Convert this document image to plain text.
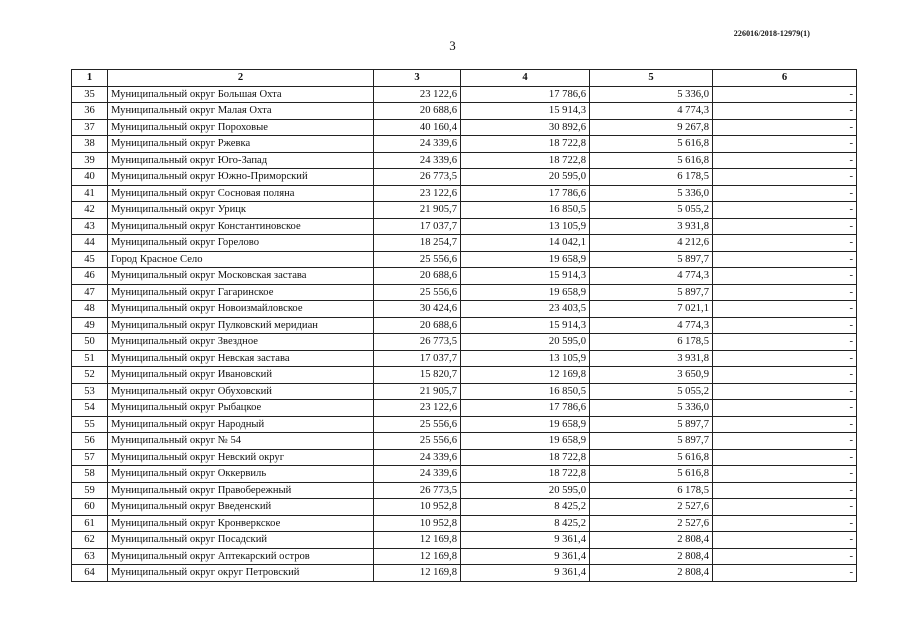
226016/2018-12979(1)
3
1	2	3	4	5	6
35	Муниципальный округ Большая Охта	23 122,6	17 786,6	5 336,0	-
36	Муниципальный округ Малая Охта	20 688,6	15 914,3	4 774,3	-
37	Муниципальный округ Пороховые	40 160,4	30 892,6	9 267,8	-
38	Муниципальный округ Ржевка	24 339,6	18 722,8	5 616,8	-
39	Муниципальный округ Юго-Запад	24 339,6	18 722,8	5 616,8	-
40	Муниципальный округ Южно-Приморский	26 773,5	20 595,0	6 178,5	-
41	Муниципальный округ Сосновая поляна	23 122,6	17 786,6	5 336,0	-
42	Муниципальный округ Урицк	21 905,7	16 850,5	5 055,2	-
43	Муниципальный округ Константиновское	17 037,7	13 105,9	3 931,8	-
44	Муниципальный округ Горелово	18 254,7	14 042,1	4 212,6	-
45	Город Красное Село	25 556,6	19 658,9	5 897,7	-
46	Муниципальный округ Московская застава	20 688,6	15 914,3	4 774,3	-
47	Муниципальный округ Гагаринское	25 556,6	19 658,9	5 897,7	-
48	Муниципальный округ Новоизмайловское	30 424,6	23 403,5	7 021,1	-
49	Муниципальный округ Пулковский меридиан	20 688,6	15 914,3	4 774,3	-
50	Муниципальный округ Звездное	26 773,5	20 595,0	6 178,5	-
51	Муниципальный округ Невская застава	17 037,7	13 105,9	3 931,8	-
52	Муниципальный округ Ивановский	15 820,7	12 169,8	3 650,9	-
53	Муниципальный округ Обуховский	21 905,7	16 850,5	5 055,2	-
54	Муниципальный округ Рыбацкое	23 122,6	17 786,6	5 336,0	-
55	Муниципальный округ Народный	25 556,6	19 658,9	5 897,7	-
56	Муниципальный округ № 54	25 556,6	19 658,9	5 897,7	-
57	Муниципальный округ Невский округ	24 339,6	18 722,8	5 616,8	-
58	Муниципальный округ Оккервиль	24 339,6	18 722,8	5 616,8	-
59	Муниципальный округ Правобережный	26 773,5	20 595,0	6 178,5	-
60	Муниципальный округ Введенский	10 952,8	8 425,2	2 527,6	-
61	Муниципальный округ Кронверкское	10 952,8	8 425,2	2 527,6	-
62	Муниципальный округ Посадский	12 169,8	9 361,4	2 808,4	-
63	Муниципальный округ Аптекарский остров	12 169,8	9 361,4	2 808,4	-
64	Муниципальный округ округ Петровский	12 169,8	9 361,4	2 808,4	-
